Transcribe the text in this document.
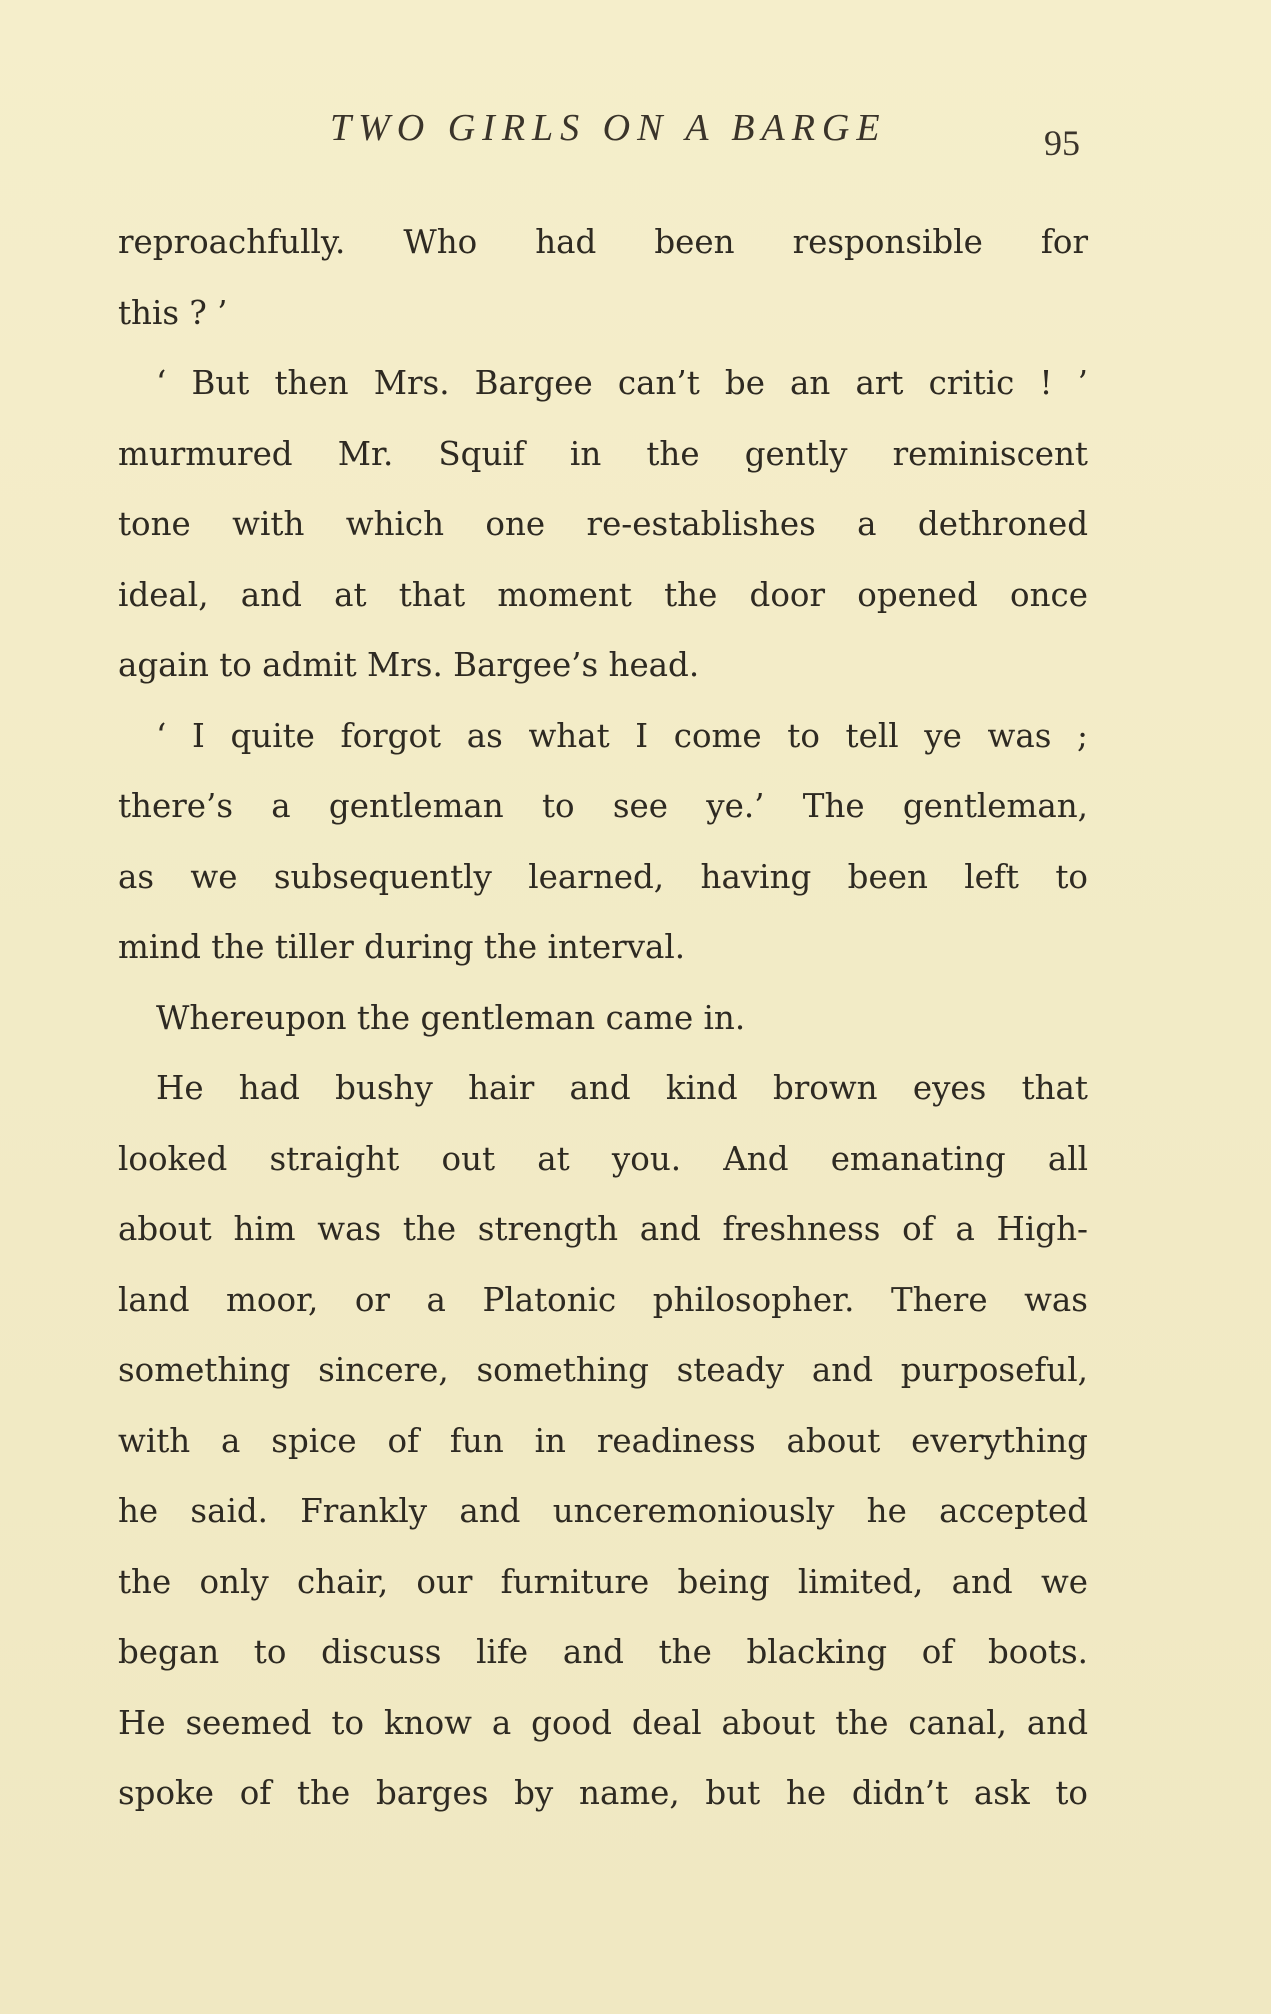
TWO GIRLS ON A BARGE	95
reproachfully. Who had been responsible for
this ? ’
‘ But then Mrs. Bargee can’t be an art critic ! ’
murmured Mr. Squif in the gently reminiscent
tone with which one re-establishes a dethroned
ideal, and at that moment the door opened once
again to admit Mrs. Bargee’s head.
‘ I quite forgot as what I come to tell ye was ;
there’s a gentleman to see ye.’ The gentleman,
as we subsequently learned, having been left to
mind the tiller during the interval.
Whereupon the gentleman came in.
He had bushy hair and kind brown eyes that
looked straight out at you. And emanating all
about him was the strength and freshness of a High-
land moor, or a Platonic philosopher. There was
something sincere, something steady and purposeful,
with a spice of fun in readiness about everything
he said. Frankly and unceremoniously he accepted
the only chair, our furniture being limited, and we
began to discuss life and the blacking of boots.
He seemed to know a good deal about the canal, and
spoke of the barges by name, but he didn’t ask to
